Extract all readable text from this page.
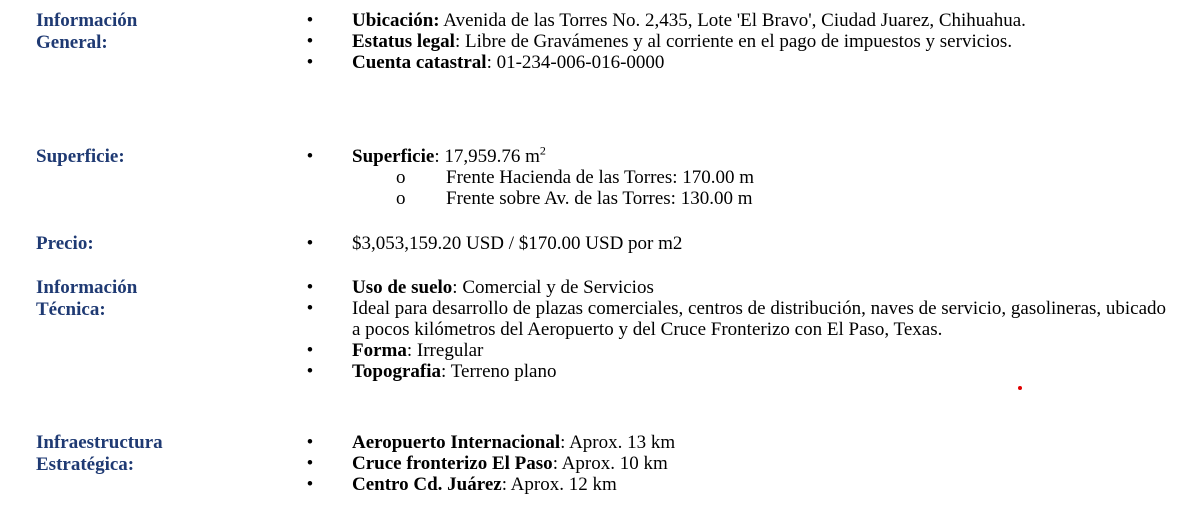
Información
General:
•	Ubicación: Avenida de las Torres No. 2,435, Lote 'El Bravo', Ciudad Juarez, Chihuahua.
•	Estatus legal: Libre de Gravámenes y al corriente en el pago de impuestos y servicios.
•	Cuenta catastral: 01-234-006-016-0000
Superficie:	•	Superficie: 17,959.76 $m^2$
o Frente Hacienda de las Torres: 170.00 m
o Frente sobre Av. de las Torres: 130.00 m
Precio:	•	$3,053,159.20 USD / $170.00 USD por m2
Información
Técnica:
•	Uso de suelo: Comercial y de Servicios
•	Ideal para desarrollo de plazas comerciales, centros de distribución, naves de servicio, gasolineras, ubicado a pocos kilómetros del Aeropuerto y del Cruce Fronterizo con El Paso, Texas.
•	Forma: Irregular
•	Topografia: Terreno plano
Infraestructura
Estratégica:
•	Aeropuerto Internacional: Aprox. 13 km
•	Cruce fronterizo El Paso: Aprox. 10 km
•	Centro Cd. Juárez: Aprox. 12 km
